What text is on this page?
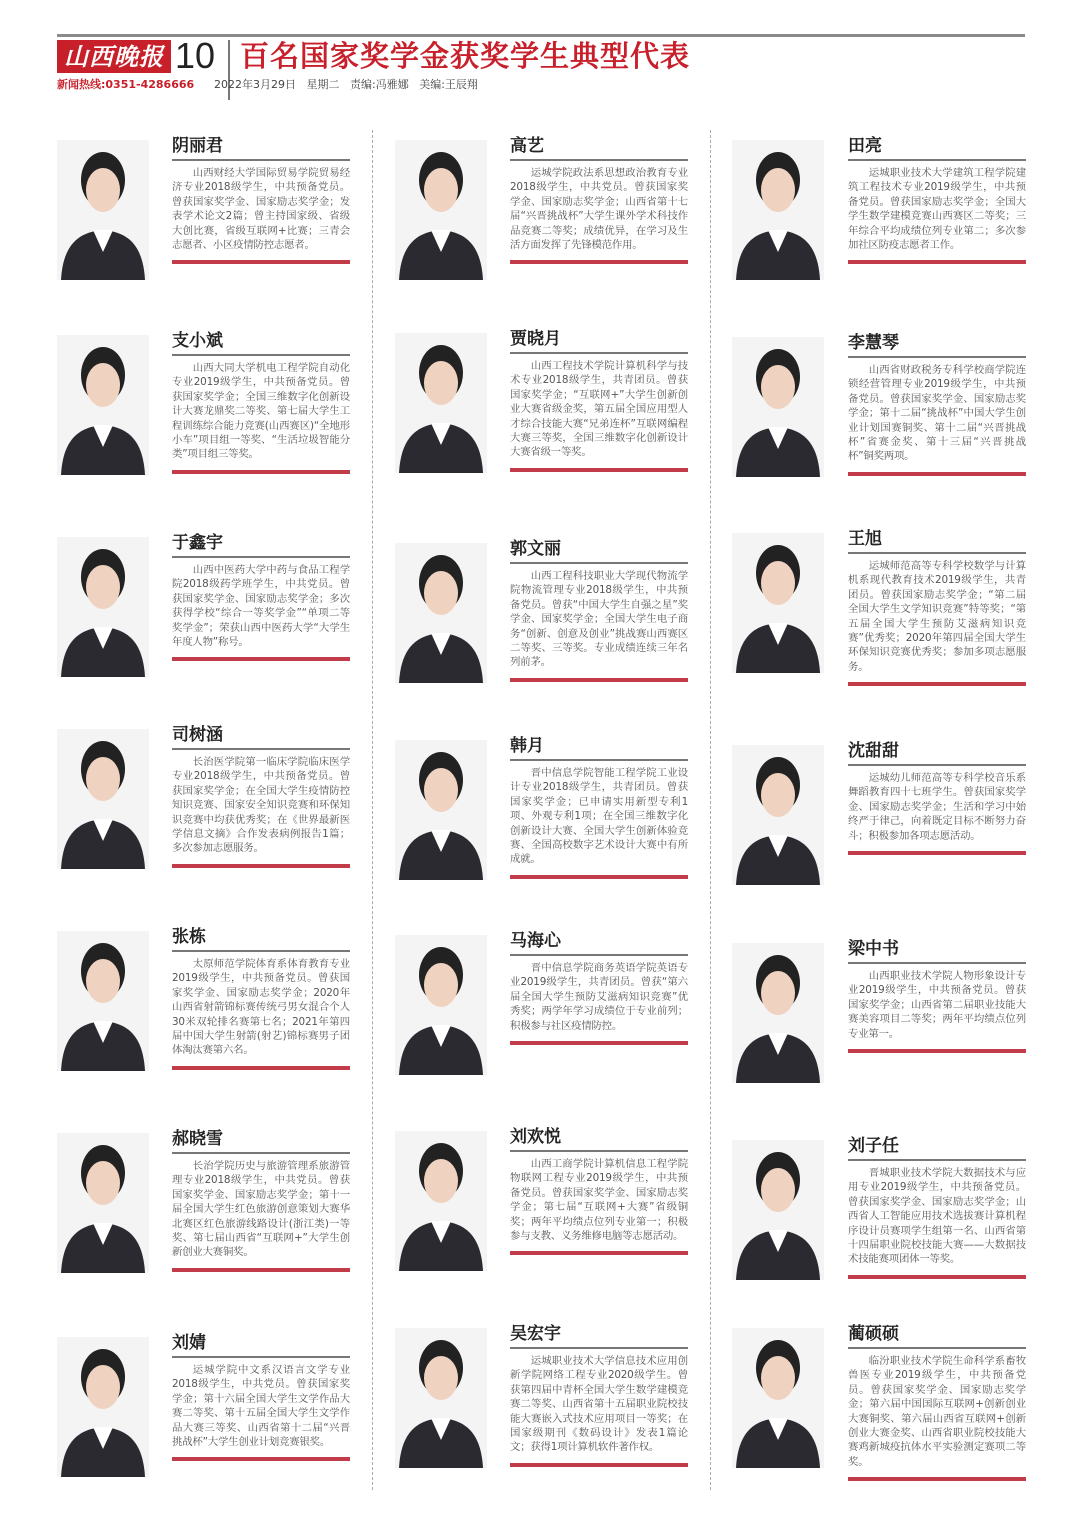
山西晚报 10 百名国家奖学金获奖学生典型代表
新闻热线:0351-4286666 2022年3月29日 星期二 责编:冯雅娜 美编:王辰翔
阴丽君
山西财经大学国际贸易学院贸易经济专业2018级学生，中共预备党员。曾获国家奖学金、国家励志奖学金；发表学术论文2篇；曾主持国家级、省级大创比赛，省级互联网+比赛；三青会志愿者、小区疫情防控志愿者。
支小斌
山西大同大学机电工程学院自动化专业2019级学生，中共预备党员。曾获国家奖学金；全国三维数字化创新设计大赛龙鼎奖二等奖、第七届大学生工程训练综合能力竞赛(山西赛区)“全地形小车”项目组一等奖、“生活垃圾智能分类”项目组三等奖。
于鑫宇
山西中医药大学中药与食品工程学院2018级药学班学生，中共党员。曾获国家奖学金、国家励志奖学金；多次获得学校“综合一等奖学金”“单项二等奖学金”；荣获山西中医药大学“大学生年度人物”称号。
司树涵
长治医学院第一临床学院临床医学专业2018级学生，中共预备党员。曾获国家奖学金；在全国大学生疫情防控知识竞赛、国家安全知识竞赛和环保知识竞赛中均获优秀奖；在《世界最新医学信息文摘》合作发表病例报告1篇；多次参加志愿服务。
张栋
太原师范学院体育系体育教育专业2019级学生，中共预备党员。曾获国家奖学金、国家励志奖学金；2020年山西省射箭锦标赛传统弓男女混合个人30米双轮排名赛第七名；2021年第四届中国大学生射箭(射艺)锦标赛男子团体淘汰赛第六名。
郝晓雪
长治学院历史与旅游管理系旅游管理专业2018级学生，中共党员。曾获国家奖学金、国家励志奖学金；第十一届全国大学生红色旅游创意策划大赛华北赛区红色旅游线路设计(浙江类)一等奖、第七届山西省“互联网+”大学生创新创业大赛铜奖。
刘婧
运城学院中文系汉语言文学专业2018级学生，中共党员。曾获国家奖学金；第十六届全国大学生文学作品大赛二等奖、第十五届全国大学生文学作品大赛三等奖、山西省第十二届“兴晋挑战杯”大学生创业计划竞赛银奖。
高艺
运城学院政法系思想政治教育专业2018级学生，中共党员。曾获国家奖学金、国家励志奖学金；山西省第十七届“兴晋挑战杯”大学生课外学术科技作品竞赛二等奖；成绩优异，在学习及生活方面发挥了先锋模范作用。
贾晓月
山西工程技术学院计算机科学与技术专业2018级学生，共青团员。曾获国家奖学金；“互联网+”大学生创新创业大赛省级金奖，第五届全国应用型人才综合技能大赛“兄弟连杯”互联网编程大赛三等奖，全国三维数字化创新设计大赛省级一等奖。
郭文丽
山西工程科技职业大学现代物流学院物流管理专业2018级学生，中共预备党员。曾获“中国大学生自强之星”奖学金、国家奖学金；全国大学生电子商务“创新、创意及创业”挑战赛山西赛区二等奖、三等奖。专业成绩连续三年名列前茅。
韩月
晋中信息学院智能工程学院工业设计专业2018级学生，共青团员。曾获国家奖学金；已申请实用新型专利1项、外观专利1项；在全国三维数字化创新设计大赛、全国大学生创新体验竞赛、全国高校数字艺术设计大赛中有所成就。
马海心
晋中信息学院商务英语学院英语专业2019级学生，共青团员。曾获“第六届全国大学生预防艾滋病知识竞赛”优秀奖；两学年学习成绩位于专业前列；积极参与社区疫情防控。
刘欢悦
山西工商学院计算机信息工程学院物联网工程专业2019级学生，中共预备党员。曾获国家奖学金、国家励志奖学金；第七届“互联网+大赛”省级铜奖；两年平均绩点位列专业第一；积极参与支教、义务维修电脑等志愿活动。
吴宏宇
运城职业技术大学信息技术应用创新学院网络工程专业2020级学生。曾获第四届中青杯全国大学生数学建模竞赛二等奖、山西省第十五届职业院校技能大赛嵌入式技术应用项目一等奖；在国家级期刊《数码设计》发表1篇论文；获得1项计算机软件著作权。
田亮
运城职业技术大学建筑工程学院建筑工程技术专业2019级学生，中共预备党员。曾获国家励志奖学金；全国大学生数学建模竞赛山西赛区二等奖；三年综合平均成绩位列专业第二；多次参加社区防疫志愿者工作。
李慧琴
山西省财政税务专科学校商学院连锁经营管理专业2019级学生，中共预备党员。曾获国家奖学金、国家励志奖学金；第十二届“挑战杯”中国大学生创业计划国赛铜奖、第十二届“兴晋挑战杯”省赛金奖、第十三届“兴晋挑战杯”铜奖两项。
王旭
运城师范高等专科学校数学与计算机系现代教育技术2019级学生，共青团员。曾获国家励志奖学金；“第二届全国大学生文学知识竞赛”特等奖；“第五届全国大学生预防艾滋病知识竞赛”优秀奖；2020年第四届全国大学生环保知识竞赛优秀奖；参加多项志愿服务。
沈甜甜
运城幼儿师范高等专科学校音乐系舞蹈教育四十七班学生。曾获国家奖学金、国家励志奖学金；生活和学习中始终严于律己，向着既定目标不断努力奋斗；积极参加各项志愿活动。
梁中书
山西职业技术学院人物形象设计专业2019级学生，中共预备党员。曾获国家奖学金；山西省第二届职业技能大赛美容项目二等奖；两年平均绩点位列专业第一。
刘子任
晋城职业技术学院大数据技术与应用专业2019级学生，中共预备党员。曾获国家奖学金、国家励志奖学金；山西省人工智能应用技术选拔赛计算机程序设计员赛项学生组第一名、山西省第十四届职业院校技能大赛——大数据技术技能赛项团体一等奖。
蔺硕硕
临汾职业技术学院生命科学系畜牧兽医专业2019级学生，中共预备党员。曾获国家奖学金、国家励志奖学金；第六届中国国际互联网+创新创业大赛铜奖、第六届山西省互联网+创新创业大赛金奖、山西省职业院校技能大赛鸡新城疫抗体水平实验测定赛项二等奖。
